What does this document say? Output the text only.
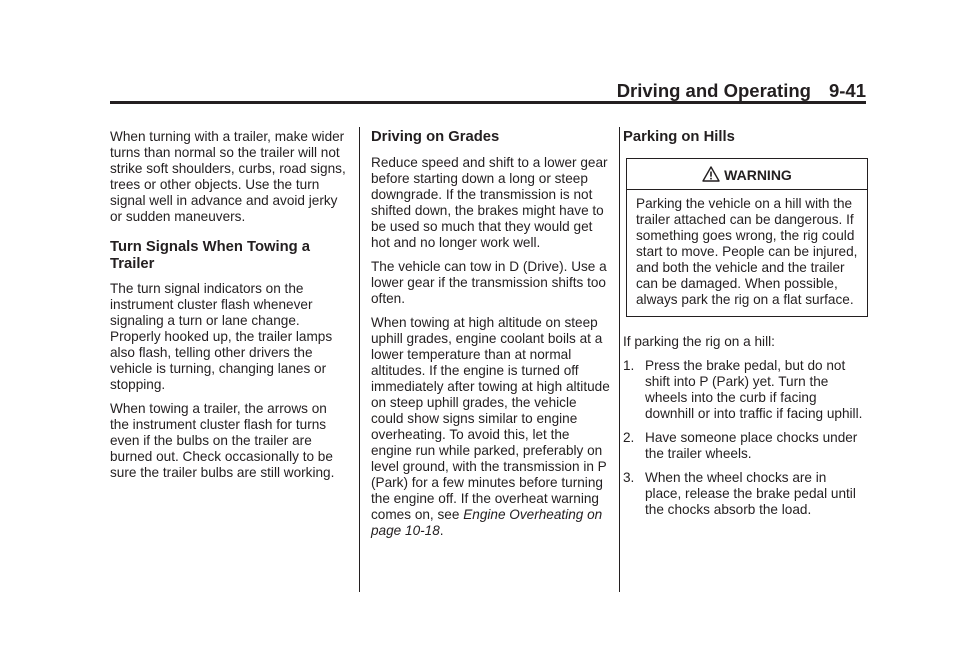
Driving and Operating 9-41

When turning with a trailer, make wider turns than normal so the trailer will not strike soft shoulders, curbs, road signs, trees or other objects. Use the turn signal well in advance and avoid jerky or sudden maneuvers.

Turn Signals When Towing a Trailer

The turn signal indicators on the instrument cluster flash whenever signaling a turn or lane change. Properly hooked up, the trailer lamps also flash, telling other drivers the vehicle is turning, changing lanes or stopping.

When towing a trailer, the arrows on the instrument cluster flash for turns even if the bulbs on the trailer are burned out. Check occasionally to be sure the trailer bulbs are still working.

Driving on Grades

Reduce speed and shift to a lower gear before starting down a long or steep downgrade. If the transmission is not shifted down, the brakes might have to be used so much that they would get hot and no longer work well.

The vehicle can tow in D (Drive). Use a lower gear if the transmission shifts too often.

When towing at high altitude on steep uphill grades, engine coolant boils at a lower temperature than at normal altitudes. If the engine is turned off immediately after towing at high altitude on steep uphill grades, the vehicle could show signs similar to engine overheating. To avoid this, let the engine run while parked, preferably on level ground, with the transmission in P (Park) for a few minutes before turning the engine off. If the overheat warning comes on, see Engine Overheating on page 10-18.

Parking on Hills
WARNING
Parking the vehicle on a hill with the trailer attached can be dangerous. If something goes wrong, the rig could start to move. People can be injured, and both the vehicle and the trailer can be damaged. When possible, always park the rig on a flat surface.

If parking the rig on a hill:

1. Press the brake pedal, but do not shift into P (Park) yet. Turn the wheels into the curb if facing downhill or into traffic if facing uphill.
2. Have someone place chocks under the trailer wheels.
3. When the wheel chocks are in place, release the brake pedal until the chocks absorb the load.
